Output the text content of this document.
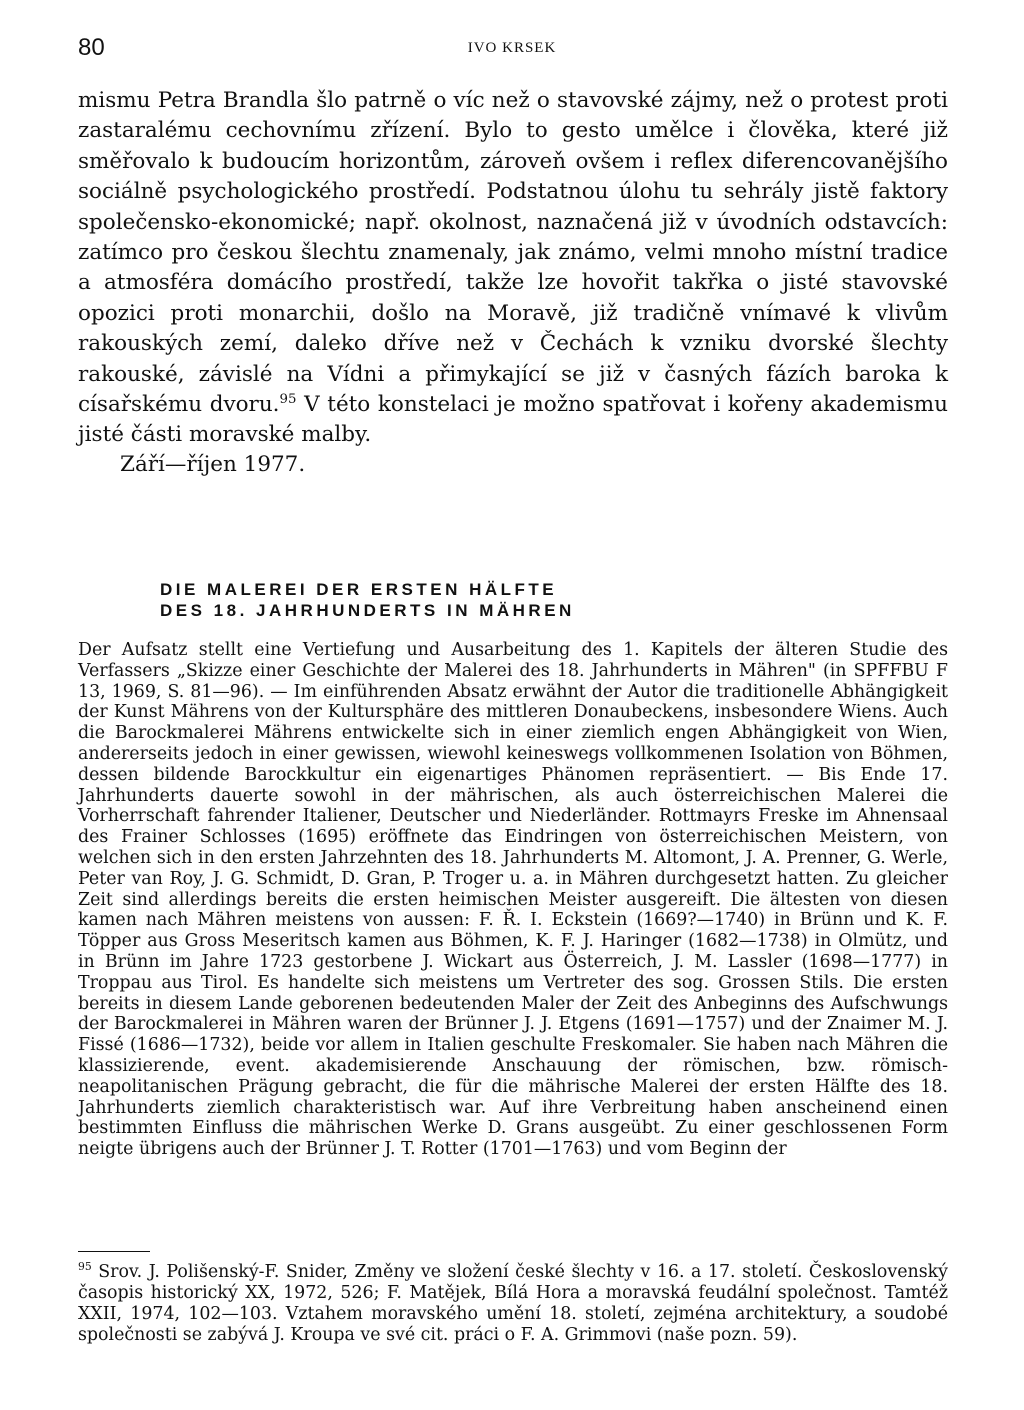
80	IVO KRSEK

mismu Petra Brandla šlo patrně o víc než o stavovské zájmy, než o protest proti zastaralému cechovnímu zřízení. Bylo to gesto umělce i člověka, které již směřovalo k budoucím horizontům, zároveň ovšem i reflex diferencovanějšího sociálně psychologického prostředí. Podstatnou úlohu tu sehrály jistě faktory společensko-ekonomické; např. okolnost, naznačená již v úvodních odstavcích: zatímco pro českou šlechtu znamenaly, jak známo, velmi mnoho místní tradice a atmosféra domácího prostředí, takže lze hovořit takřka o jisté stavovské opozici proti monarchii, došlo na Moravě, již tradičně vnímavé k vlivům rakouských zemí, daleko dříve než v Čechách k vzniku dvorské šlechty rakouské, závislé na Vídni a přimykající se již v časných fázích baroka k císařskému dvoru.$^{95}$ V této konstelaci je možno spatřovat i kořeny akademismu jisté části moravské malby.

Září—říjen 1977.

DIE MALEREI DER ERSTEN HÄLFTE
DES 18. JAHRHUNDERTS IN MÄHREN

Der Aufsatz stellt eine Vertiefung und Ausarbeitung des 1. Kapitels der älteren Studie des Verfassers „Skizze einer Geschichte der Malerei des 18. Jahrhunderts in Mähren" (in SPFFBU F 13, 1969, S. 81—96). — Im einführenden Absatz erwähnt der Autor die traditionelle Abhängigkeit der Kunst Mährens von der Kultursphäre des mittleren Donaubeckens, insbesondere Wiens. Auch die Barockmalerei Mährens entwickelte sich in einer ziemlich engen Abhängigkeit von Wien, andererseits jedoch in einer gewissen, wiewohl keineswegs vollkommenen Isolation von Böhmen, dessen bildende Barockkultur ein eigenartiges Phänomen repräsentiert. — Bis Ende 17. Jahrhunderts dauerte sowohl in der mährischen, als auch österreichischen Malerei die Vorherrschaft fahrender Italiener, Deutscher und Niederländer. Rottmayrs Freske im Ahnensaal des Frainer Schlosses (1695) eröffnete das Eindringen von österreichischen Meistern, von welchen sich in den ersten Jahrzehnten des 18. Jahrhunderts M. Altomont, J. A. Prenner, G. Werle, Peter van Roy, J. G. Schmidt, D. Gran, P. Troger u. a. in Mähren durchgesetzt hatten. Zu gleicher Zeit sind allerdings bereits die ersten heimischen Meister ausgereift. Die ältesten von diesen kamen nach Mähren meistens von aussen: F. Ř. I. Eckstein (1669?—1740) in Brünn und K. F. Töpper aus Gross Meseritsch kamen aus Böhmen, K. F. J. Haringer (1682—1738) in Olmütz, und in Brünn im Jahre 1723 gestorbene J. Wickart aus Österreich, J. M. Lassler (1698—1777) in Troppau aus Tirol. Es handelte sich meistens um Vertreter des sog. Grossen Stils. Die ersten bereits in diesem Lande geborenen bedeutenden Maler der Zeit des Anbeginns des Aufschwungs der Barockmalerei in Mähren waren der Brünner J. J. Etgens (1691—1757) und der Znaimer M. J. Fissé (1686—1732), beide vor allem in Italien geschulte Freskomaler. Sie haben nach Mähren die klassizierende, event. akademisierende Anschauung der römischen, bzw. römisch-neapolitanischen Prägung gebracht, die für die mährische Malerei der ersten Hälfte des 18. Jahrhunderts ziemlich charakteristisch war. Auf ihre Verbreitung haben anscheinend einen bestimmten Einfluss die mährischen Werke D. Grans ausgeübt. Zu einer geschlossenen Form neigte übrigens auch der Brünner J. T. Rotter (1701—1763) und vom Beginn der

$^{95}$ Srov. J. Polišenský-F. Snider, Změny ve složení české šlechty v 16. a 17. století. Československý časopis historický XX, 1972, 526; F. Matějek, Bílá Hora a moravská feudální společnost. Tamtéž XXII, 1974, 102—103. Vztahem moravského umění 18. století, zejména architektury, a soudobé společnosti se zabývá J. Kroupa ve své cit. práci o F. A. Grimmovi (naše pozn. 59).
